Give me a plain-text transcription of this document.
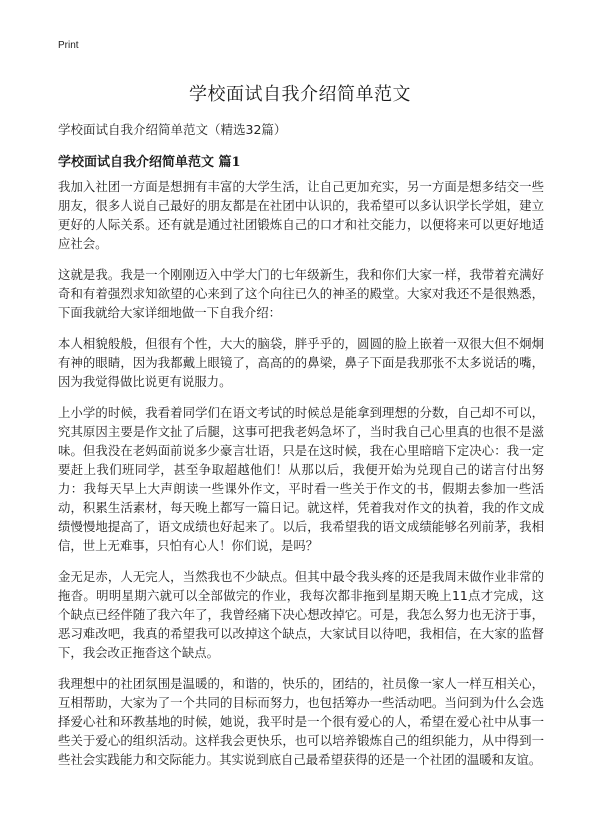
Print
学校面试自我介绍简单范文
学校面试自我介绍简单范文（精选32篇）
学校面试自我介绍简单范文 篇1

我加入社团一方面是想拥有丰富的大学生活，让自己更加充实，另一方面是想多结交一些朋友，很多人说自己最好的朋友都是在社团中认识的，我希望可以多认识学长学姐，建立更好的人际关系。还有就是通过社团锻炼自己的口才和社交能力，以便将来可以更好地适应社会。

这就是我。我是一个刚刚迈入中学大门的七年级新生，我和你们大家一样，我带着充满好奇和有着强烈求知欲望的心来到了这个向往已久的神圣的殿堂。大家对我还不是很熟悉，下面我就给大家详细地做一下自我介绍：

本人相貌般般，但很有个性，大大的脑袋，胖乎乎的，圆圆的脸上嵌着一双很大但不炯炯有神的眼睛，因为我都戴上眼镜了，高高的的鼻梁，鼻子下面是我那张不太多说话的嘴，因为我觉得做比说更有说服力。

上小学的时候，我看着同学们在语文考试的时候总是能拿到理想的分数，自己却不可以，究其原因主要是作文扯了后腿，这事可把我老妈急坏了，当时我自己心里真的也很不是滋味。但我没在老妈面前说多少豪言壮语，只是在这时候，我在心里暗暗下定决心：我一定要赶上我们班同学，甚至争取超越他们！从那以后，我便开始为兑现自己的诺言付出努力：我每天早上大声朗读一些课外作文，平时看一些关于作文的书，假期去参加一些活动，积累生活素材，每天晚上都写一篇日记。就这样，凭着我对作文的执着，我的作文成绩慢慢地提高了，语文成绩也好起来了。以后，我希望我的语文成绩能够名列前茅，我相信，世上无难事，只怕有心人！你们说，是吗？

金无足赤，人无完人，当然我也不少缺点。但其中最令我头疼的还是我周末做作业非常的拖沓。明明星期六就可以全部做完的作业，我每次都非拖到星期天晚上11点才完成，这个缺点已经伴随了我六年了，我曾经痛下决心想改掉它。可是，我怎么努力也无济于事，恶习难改吧，我真的希望我可以改掉这个缺点，大家试目以待吧，我相信，在大家的监督下，我会改正拖沓这个缺点。

我理想中的社团氛围是温暖的，和谐的，快乐的，团结的，社员像一家人一样互相关心，互相帮助，大家为了一个共同的目标而努力，也包括筹办一些活动吧。当问到为什么会选择爱心社和环教基地的时候，她说，我平时是一个很有爱心的人，希望在爱心社中从事一些关于爱心的组织活动。这样我会更快乐，也可以培养锻炼自己的组织能力，从中得到一些社会实践能力和交际能力。其实说到底自己最希望获得的还是一个社团的温暖和友谊。
